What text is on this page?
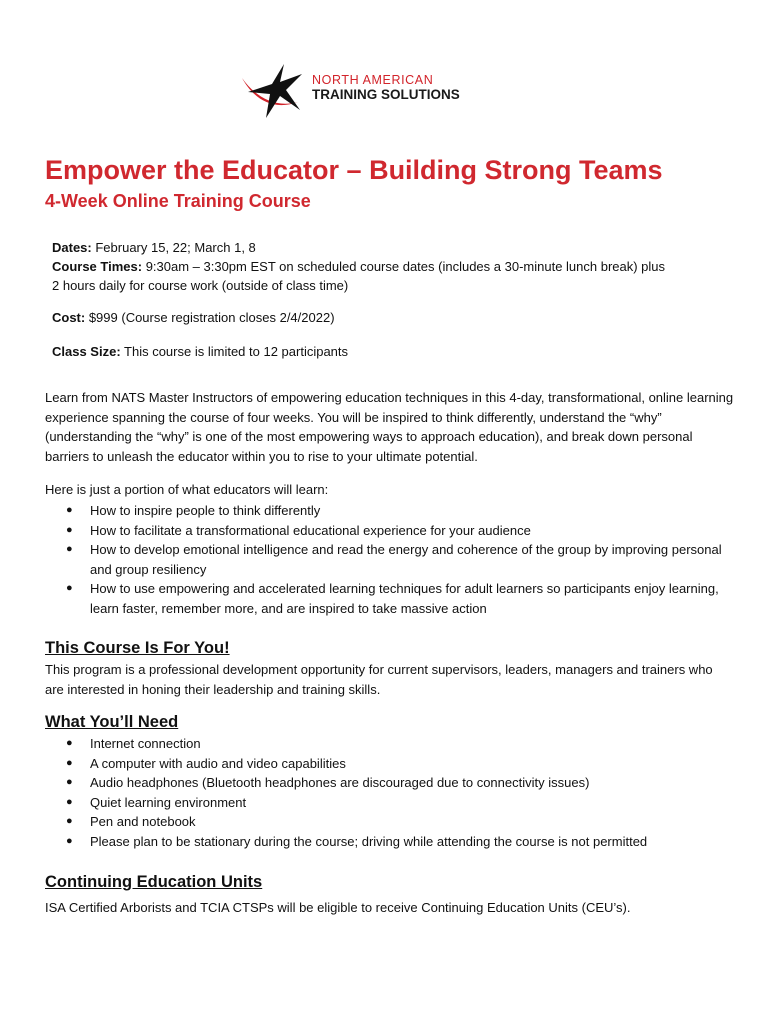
NORTH AMERICAN
TRAINING SOLUTIONS
Empower the Educator – Building Strong Teams
4-Week Online Training Course
Dates: February 15, 22; March 1, 8
Course Times: 9:30am – 3:30pm EST on scheduled course dates (includes a 30-minute lunch break) plus
2 hours daily for course work (outside of class time)
Cost: $999 (Course registration closes 2/4/2022)
Class Size: This course is limited to 12 participants

Learn from NATS Master Instructors of empowering education techniques in this 4-day, transformational, online learning experience spanning the course of four weeks. You will be inspired to think differently, understand the “why” (understanding the “why” is one of the most empowering ways to approach education), and break down personal barriers to unleash the educator within you to rise to your ultimate potential.

Here is just a portion of what educators will learn:

● How to inspire people to think differently
● How to facilitate a transformational educational experience for your audience
● How to develop emotional intelligence and read the energy and coherence of the group by improving personal and group resiliency
● How to use empowering and accelerated learning techniques for adult learners so participants enjoy learning, learn faster, remember more, and are inspired to take massive action
This Course Is For You!

This program is a professional development opportunity for current supervisors, leaders, managers and trainers who are interested in honing their leadership and training skills.

What You’ll Need
● Internet connection
● A computer with audio and video capabilities
● Audio headphones (Bluetooth headphones are discouraged due to connectivity issues)
● Quiet learning environment
● Pen and notebook
● Please plan to be stationary during the course; driving while attending the course is not permitted
Continuing Education Units

ISA Certified Arborists and TCIA CTSPs will be eligible to receive Continuing Education Units (CEU’s).
